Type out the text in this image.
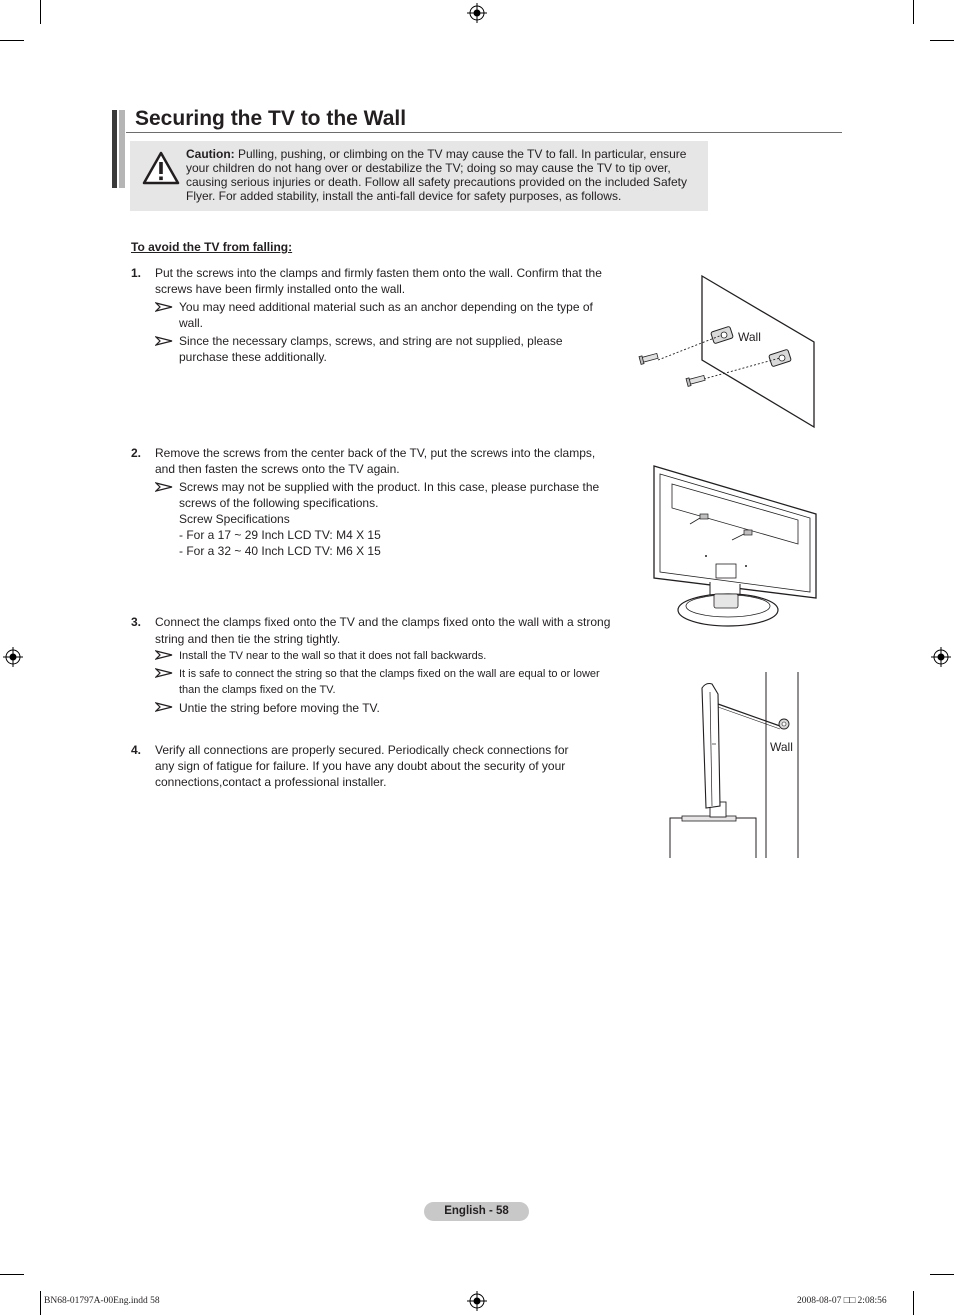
Securing the TV to the Wall
Caution: Pulling, pushing, or climbing on the TV may cause the TV to fall. In particular, ensure your children do not hang over or destabilize the TV; doing so may cause the TV to tip over, causing serious injuries or death. Follow all safety precautions provided on the included Safety Flyer. For added stability, install the anti-fall device for safety purposes, as follows.
To avoid the TV from falling:
1. Put the screws into the clamps and firmly fasten them onto the wall. Confirm that the
screws have been firmly installed onto the wall.
You may need additional material such as an anchor depending on the type of
wall.
Since the necessary clamps, screws, and string are not supplied, please
purchase these additionally.
Wall
2. Remove the screws from the center back of the TV, put the screws into the clamps,
and then fasten the screws onto the TV again.
Screws may not be supplied with the product. In this case, please purchase the
screws of the following specifications.
Screw Specifications
- For a 17 ~ 29 Inch LCD TV: M4 X 15
- For a 32 ~ 40 Inch LCD TV: M6 X 15
3. Connect the clamps fixed onto the TV and the clamps fixed onto the wall with a strong
string and then tie the string tightly.
Install the TV near to the wall so that it does not fall backwards.
It is safe to connect the string so that the clamps fixed on the wall are equal to or lower
than the clamps fixed on the TV.
Untie the string before moving the TV.
Wall
4. Verify all connections are properly secured. Periodically check connections for
any sign of fatigue for failure. If you have any doubt about the security of your
connections,contact a professional installer.
English - 58
BN68-01797A-00Eng.indd 58	2008-08-07 □□ 2:08:56
